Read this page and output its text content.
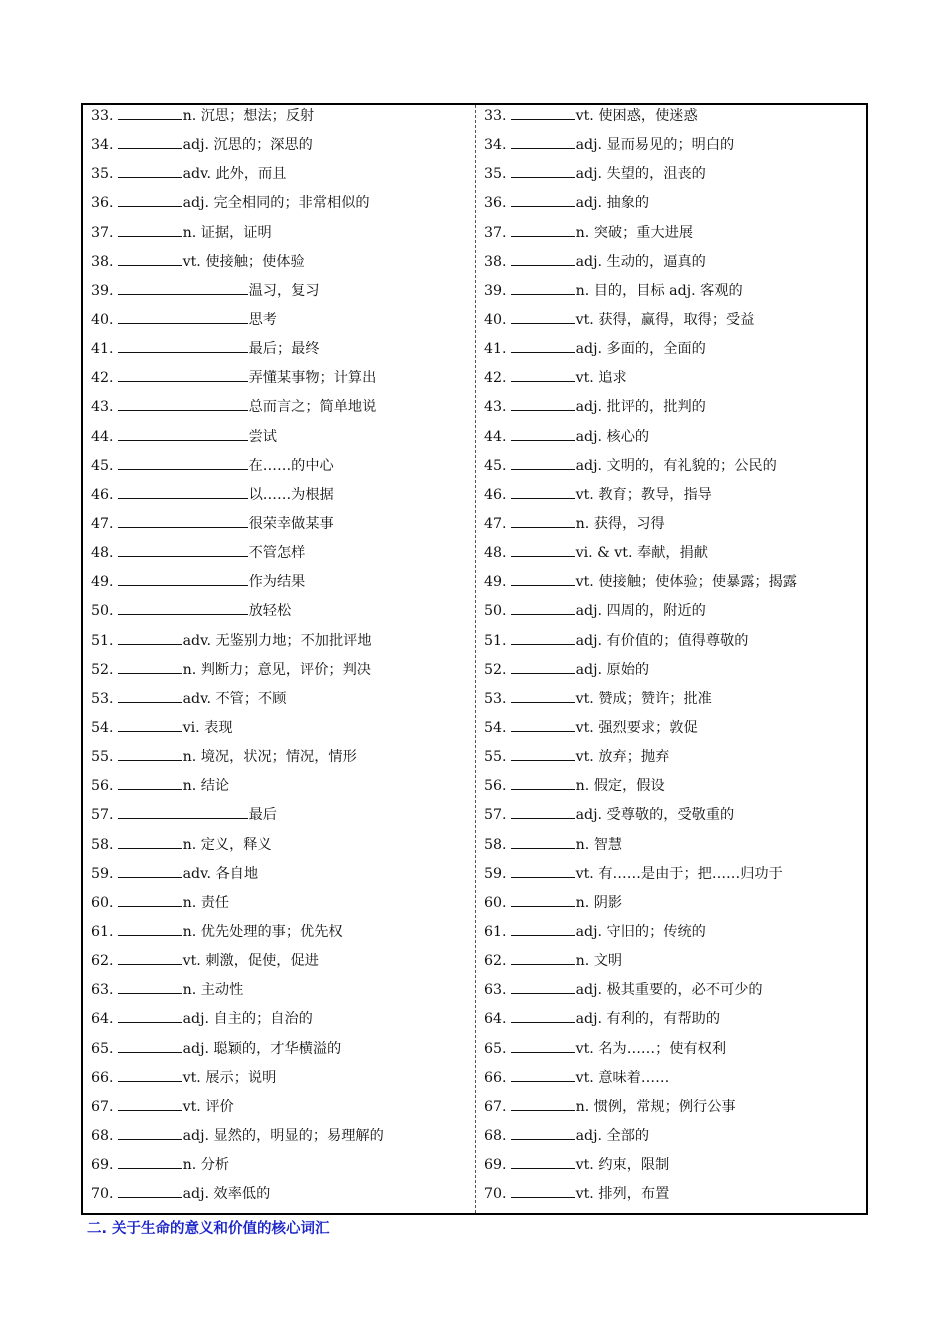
33.	n. 沉思；想法；反射
34.	adj. 沉思的；深思的
35.	adv. 此外，而且
36.	adj. 完全相同的；非常相似的
37.	n. 证据，证明
38.	vt. 使接触；使体验
39.	温习，复习
40.	思考
41.	最后；最终
42.	弄懂某事物；计算出
43.	总而言之；简单地说
44.	尝试
45.	在……的中心
46.	以……为根据
47.	很荣幸做某事
48.	不管怎样
49.	作为结果
50.	放轻松
51.	adv. 无鉴别力地；不加批评地
52.	n. 判断力；意见，评价；判决
53.	adv. 不管；不顾
54.	vi. 表现
55.	n. 境况，状况；情况，情形
56.	n. 结论
57.	最后
58.	n. 定义，释义
59.	adv. 各自地
60.	n. 责任
61.	n. 优先处理的事；优先权
62.	vt. 刺激，促使，促进
63.	n. 主动性
64.	adj. 自主的；自治的
65.	adj. 聪颖的，才华横溢的
66.	vt. 展示；说明
67.	vt. 评价
68.	adj. 显然的，明显的；易理解的
69.	n. 分析
70.	adj. 效率低的
33.	vt. 使困惑，使迷惑
34.	adj. 显而易见的；明白的
35.	adj. 失望的，沮丧的
36.	adj. 抽象的
37.	n. 突破；重大进展
38.	adj. 生动的，逼真的
39.	n. 目的，目标 adj. 客观的
40.	vt. 获得，赢得，取得；受益
41.	adj. 多面的，全面的
42.	vt. 追求
43.	adj. 批评的，批判的
44.	adj. 核心的
45.	adj. 文明的，有礼貌的；公民的
46.	vt. 教育；教导，指导
47.	n. 获得，习得
48.	vi. & vt. 奉献，捐献
49.	vt. 使接触；使体验；使暴露；揭露
50.	adj. 四周的，附近的
51.	adj. 有价值的；值得尊敬的
52.	adj. 原始的
53.	vt. 赞成；赞许；批准
54.	vt. 强烈要求；敦促
55.	vt. 放弃；抛弃
56.	n. 假定，假设
57.	adj. 受尊敬的，受敬重的
58.	n. 智慧
59.	vt. 有……是由于；把……归功于
60.	n. 阴影
61.	adj. 守旧的；传统的
62.	n. 文明
63.	adj. 极其重要的，必不可少的
64.	adj. 有利的，有帮助的
65.	vt. 名为……；使有权利
66.	vt. 意味着……
67.	n. 惯例，常规；例行公事
68.	adj. 全部的
69.	vt. 约束，限制
70.	vt. 排列，布置
二. 关于生命的意义和价值的核心词汇
